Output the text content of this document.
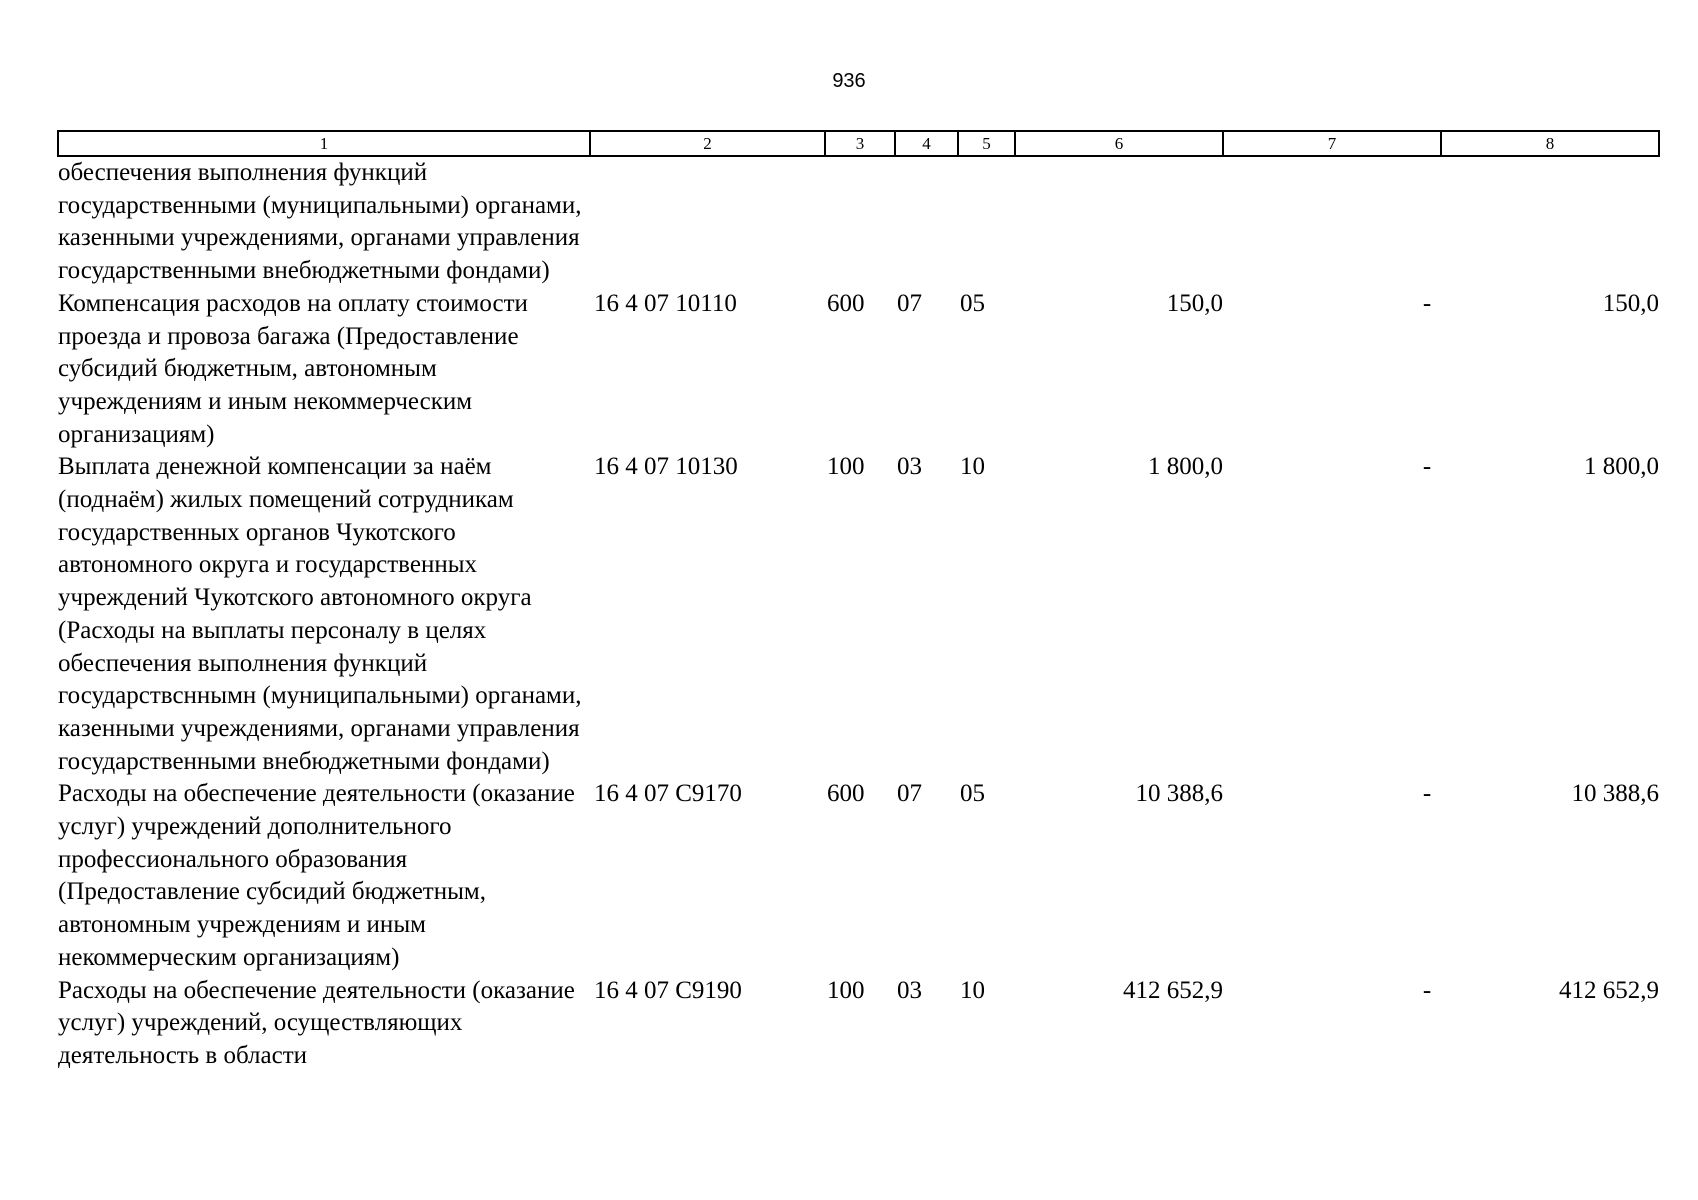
936
1	2	3	4	5	6	7	8
обеспечения выполнения функций государственными (муниципальными) органами, казенными учреждениями, органами управления государственными внебюджетными фондами)							
Компенсация расходов на оплату стоимости проезда и провоза багажа (Предоставление субсидий бюджетным, автономным учреждениям и иным некоммерческим организациям)	16 4 07 10110	600	07	05	150,0	-	150,0
Выплата денежной компенсации за наём (поднаём) жилых помещений сотрудникам государственных органов Чукотского автономного округа и государственных учреждений Чукотского автономного округа (Расходы на выплаты персоналу в целях обеспечения выполнения функций государствсннымн (муниципальными) органами, казенными учреждениями, органами управления государственными внебюджетными фондами)	16 4 07 10130	100	03	10	1 800,0	-	1 800,0
Расходы на обеспечение деятельности (оказание услуг) учреждений дополнительного профессионального образования (Предоставление субсидий бюджетным, автономным учреждениям и иным некоммерческим организациям)	16 4 07 С9170	600	07	05	10 388,6	-	10 388,6
Расходы на обеспечение деятельности (оказание услуг) учреждений, осуществляющих деятельность в области	16 4 07 С9190	100	03	10	412 652,9	-	412 652,9
